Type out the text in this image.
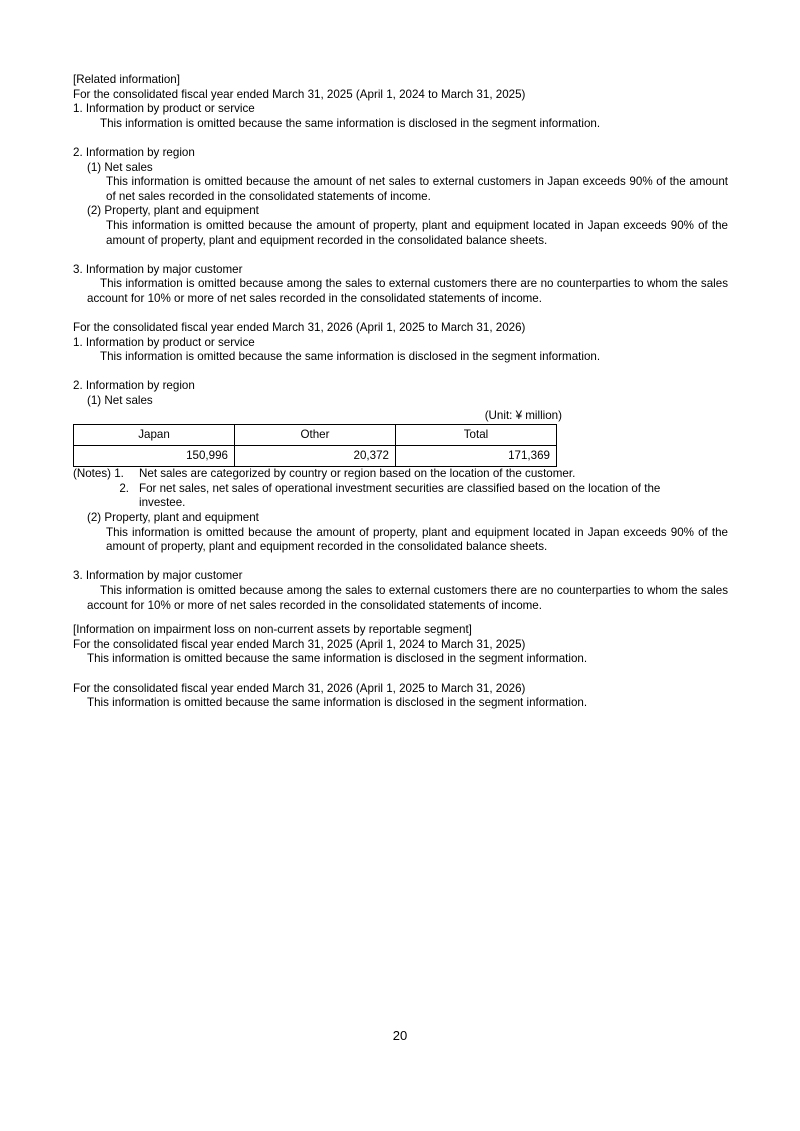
[Related information]
For the consolidated fiscal year ended March 31, 2025 (April 1, 2024 to March 31, 2025)
1. Information by product or service
This information is omitted because the same information is disclosed in the segment information.
2. Information by region
(1) Net sales
This information is omitted because the amount of net sales to external customers in Japan exceeds 90% of the amount of net sales recorded in the consolidated statements of income.
(2) Property, plant and equipment
This information is omitted because the amount of property, plant and equipment located in Japan exceeds 90% of the amount of property, plant and equipment recorded in the consolidated balance sheets.
3. Information by major customer
This information is omitted because among the sales to external customers there are no counterparties to whom the sales account for 10% or more of net sales recorded in the consolidated statements of income.
For the consolidated fiscal year ended March 31, 2026 (April 1, 2025 to March 31, 2026)
1. Information by product or service
This information is omitted because the same information is disclosed in the segment information.
2. Information by region
(1) Net sales
(Unit: ¥ million)
Japan	Other	Total
150,996	20,372	171,369
(Notes) 1.	Net sales are categorized by country or region based on the location of the customer.
2. For net sales, net sales of operational investment securities are classified based on the location of the investee.
(2) Property, plant and equipment
This information is omitted because the amount of property, plant and equipment located in Japan exceeds 90% of the amount of property, plant and equipment recorded in the consolidated balance sheets.
3. Information by major customer
This information is omitted because among the sales to external customers there are no counterparties to whom the sales account for 10% or more of net sales recorded in the consolidated statements of income.
[Information on impairment loss on non-current assets by reportable segment]
For the consolidated fiscal year ended March 31, 2025 (April 1, 2024 to March 31, 2025)
This information is omitted because the same information is disclosed in the segment information.
For the consolidated fiscal year ended March 31, 2026 (April 1, 2025 to March 31, 2026)
This information is omitted because the same information is disclosed in the segment information.
20
